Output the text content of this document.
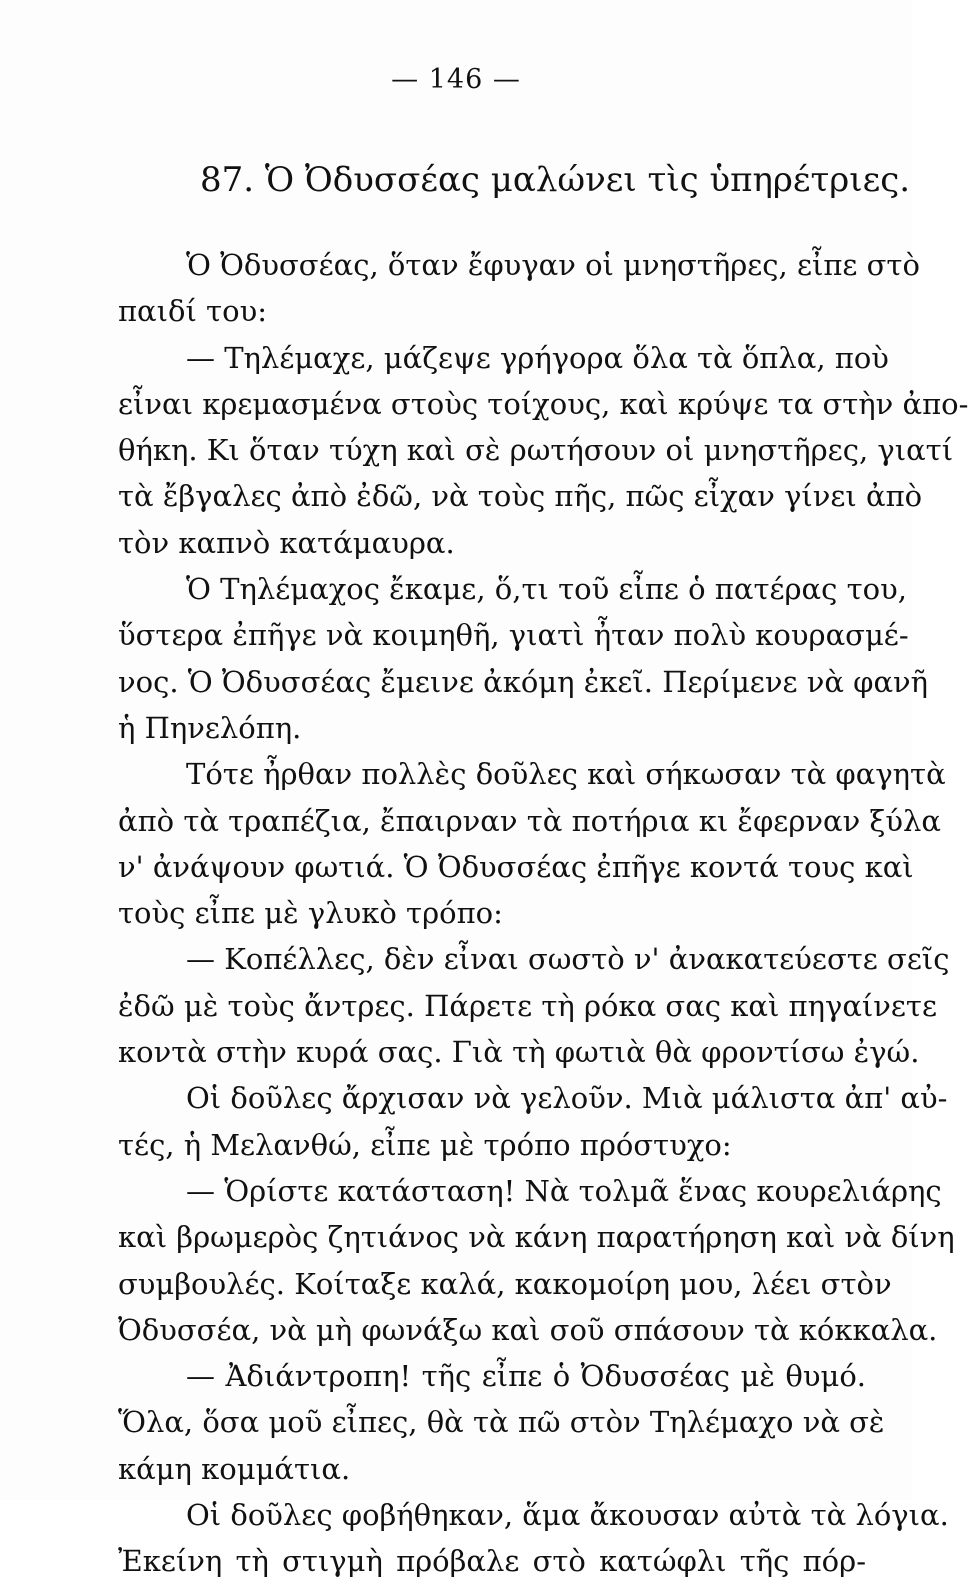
— 146 —
87. Ὁ Ὀδυσσέας μαλώνει τὶς ὑπηρέτριες.
Ὁ Ὀδυσσέας, ὅταν ἔφυγαν οἱ μνηστῆρες, εἶπε στὸ
παιδί του:
— Τηλέμαχε, μάζεψε γρήγορα ὅλα τὰ ὅπλα, ποὺ
εἶναι κρεμασμένα στοὺς τοίχους, καὶ κρύψε τα στὴν ἀπο-
θήκη. Κι ὅταν τύχη καὶ σὲ ρωτήσουν οἱ μνηστῆρες, γιατί
τὰ ἔβγαλες ἀπὸ ἐδῶ, νὰ τοὺς πῆς, πῶς εἶχαν γίνει ἀπὸ
τὸν καπνὸ κατάμαυρα.
Ὁ Τηλέμαχος ἔκαμε, ὅ,τι τοῦ εἶπε ὁ πατέρας του,
ὕστερα ἐπῆγε νὰ κοιμηθῆ, γιατὶ ἦταν πολὺ κουρασμέ-
νος. Ὁ Ὀδυσσέας ἔμεινε ἀκόμη ἐκεῖ. Περίμενε νὰ φανῆ
ἡ Πηνελόπη.
Τότε ἦρθαν πολλὲς δοῦλες καὶ σήκωσαν τὰ φαγητὰ
ἀπὸ τὰ τραπέζια, ἔπαιρναν τὰ ποτήρια κι ἔφερναν ξύλα
ν' ἀνάψουν φωτιά. Ὁ Ὀδυσσέας ἐπῆγε κοντά τους καὶ
τοὺς εἶπε μὲ γλυκὸ τρόπο:
— Κοπέλλες, δὲν εἶναι σωστὸ ν' ἀνακατεύεστε σεῖς
ἐδῶ μὲ τοὺς ἄντρες. Πάρετε τὴ ρόκα σας καὶ πηγαίνετε
κοντὰ στὴν κυρά σας. Γιὰ τὴ φωτιὰ θὰ φροντίσω ἐγώ.
Οἱ δοῦλες ἄρχισαν νὰ γελοῦν. Μιὰ μάλιστα ἀπ' αὐ-
τές, ἡ Μελανθώ, εἶπε μὲ τρόπο πρόστυχο:
— Ὁρίστε κατάσταση! Νὰ τολμᾶ ἕνας κουρελιάρης
καὶ βρωμερὸς ζητιάνος νὰ κάνη παρατήρηση καὶ νὰ δίνη
συμβουλές. Κοίταξε καλά, κακομοίρη μου, λέει στὸν
Ὀδυσσέα, νὰ μὴ φωνάξω καὶ σοῦ σπάσουν τὰ κόκκαλα.
— Ἀδιάντροπη! τῆς εἶπε ὁ Ὀδυσσέας μὲ θυμό.
Ὅλα, ὅσα μοῦ εἶπες, θὰ τὰ πῶ στὸν Τηλέμαχο νὰ σὲ
κάμη κομμάτια.
Οἱ δοῦλες φοβήθηκαν, ἅμα ἄκουσαν αὐτὰ τὰ λόγια.
Ἐκείνη τὴ στιγμὴ πρόβαλε στὸ κατώφλι τῆς πόρ-
